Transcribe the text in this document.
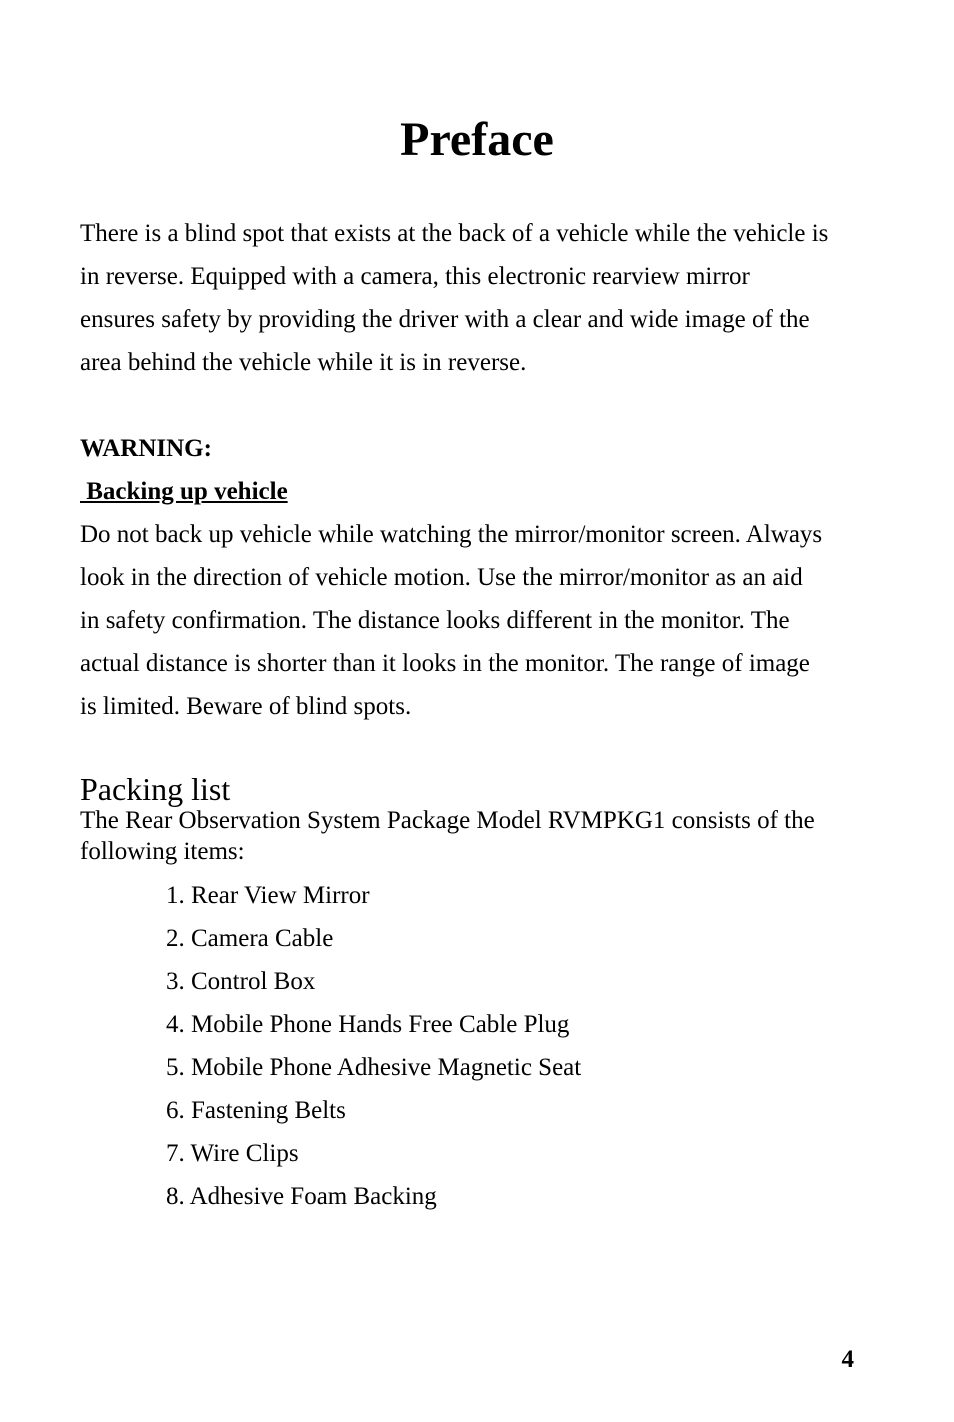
Preface

There is a blind spot that exists at the back of a vehicle while the vehicle is
in reverse. Equipped with a camera, this electronic rearview mirror
ensures safety by providing the driver with a clear and wide image of the
area behind the vehicle while it is in reverse.

WARNING:

Backing up vehicle

Do not back up vehicle while watching the mirror/monitor screen. Always
look in the direction of vehicle motion. Use the mirror/monitor as an aid
in safety confirmation. The distance looks different in the monitor. The
actual distance is shorter than it looks in the monitor. The range of image
is limited. Beware of blind spots.

Packing list

The Rear Observation System Package Model RVMPKG1 consists of the
following items:

1. Rear View Mirror
2. Camera Cable
3. Control Box
4. Mobile Phone Hands Free Cable Plug
5. Mobile Phone Adhesive Magnetic Seat
6. Fastening Belts
7. Wire Clips
8. Adhesive Foam Backing

4
